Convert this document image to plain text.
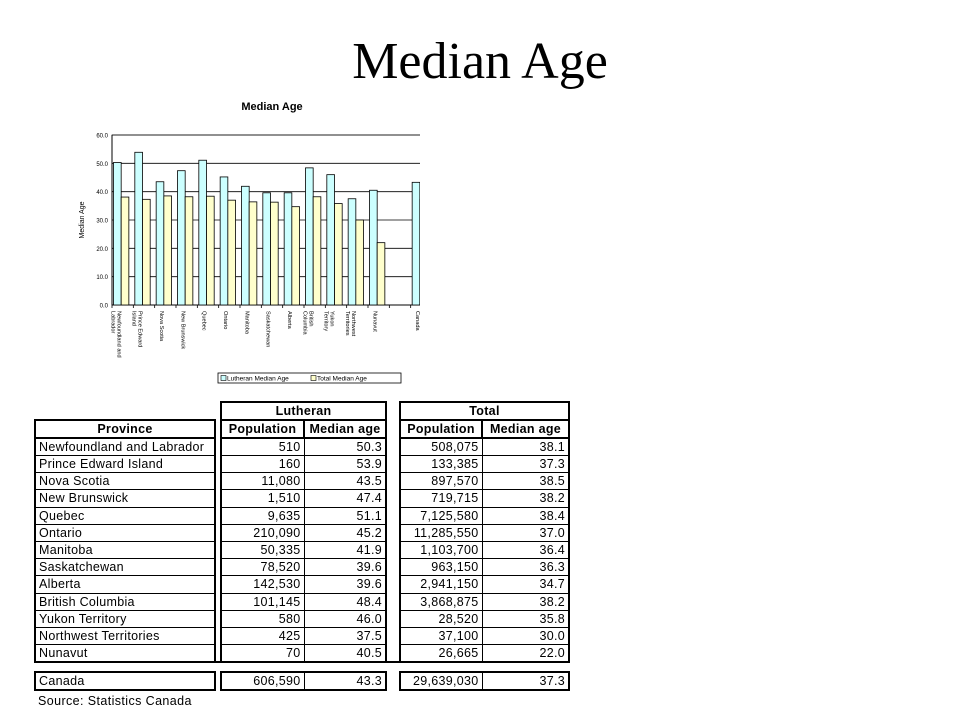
Median Age
Median Age
0.0
10.0
20.0
30.0
40.0
50.0
60.0
Median Age
Newfoundland andLabrador	Prince EdwardIsland	Nova Scotia	New Brunswick	Quebec	Ontario	Manitoba	Saskatchewan	Alberta	BritishColumbia	YukonTerritory	NorthwestTerritories	Nunavut	Canada
Lutheran Median Age	Total Median Age
		Lutheran			Total	
Province		Population	Median age		Population	Median age
Newfoundland and Labrador		510	50.3		508,075	38.1
Prince Edward Island		160	53.9		133,385	37.3
Nova Scotia		11,080	43.5		897,570	38.5
New Brunswick		1,510	47.4		719,715	38.2
Quebec		9,635	51.1		7,125,580	38.4
Ontario		210,090	45.2		11,285,550	37.0
Manitoba		50,335	41.9		1,103,700	36.4
Saskatchewan		78,520	39.6		963,150	36.3
Alberta		142,530	39.6		2,941,150	34.7
British Columbia		101,145	48.4		3,868,875	38.2
Yukon Territory		580	46.0		28,520	35.8
Northwest Territories		425	37.5		37,100	30.0
Nunavut		70	40.5		26,665	22.0

Canada		606,590	43.3		29,639,030	37.3
Source: Statistics Canada
